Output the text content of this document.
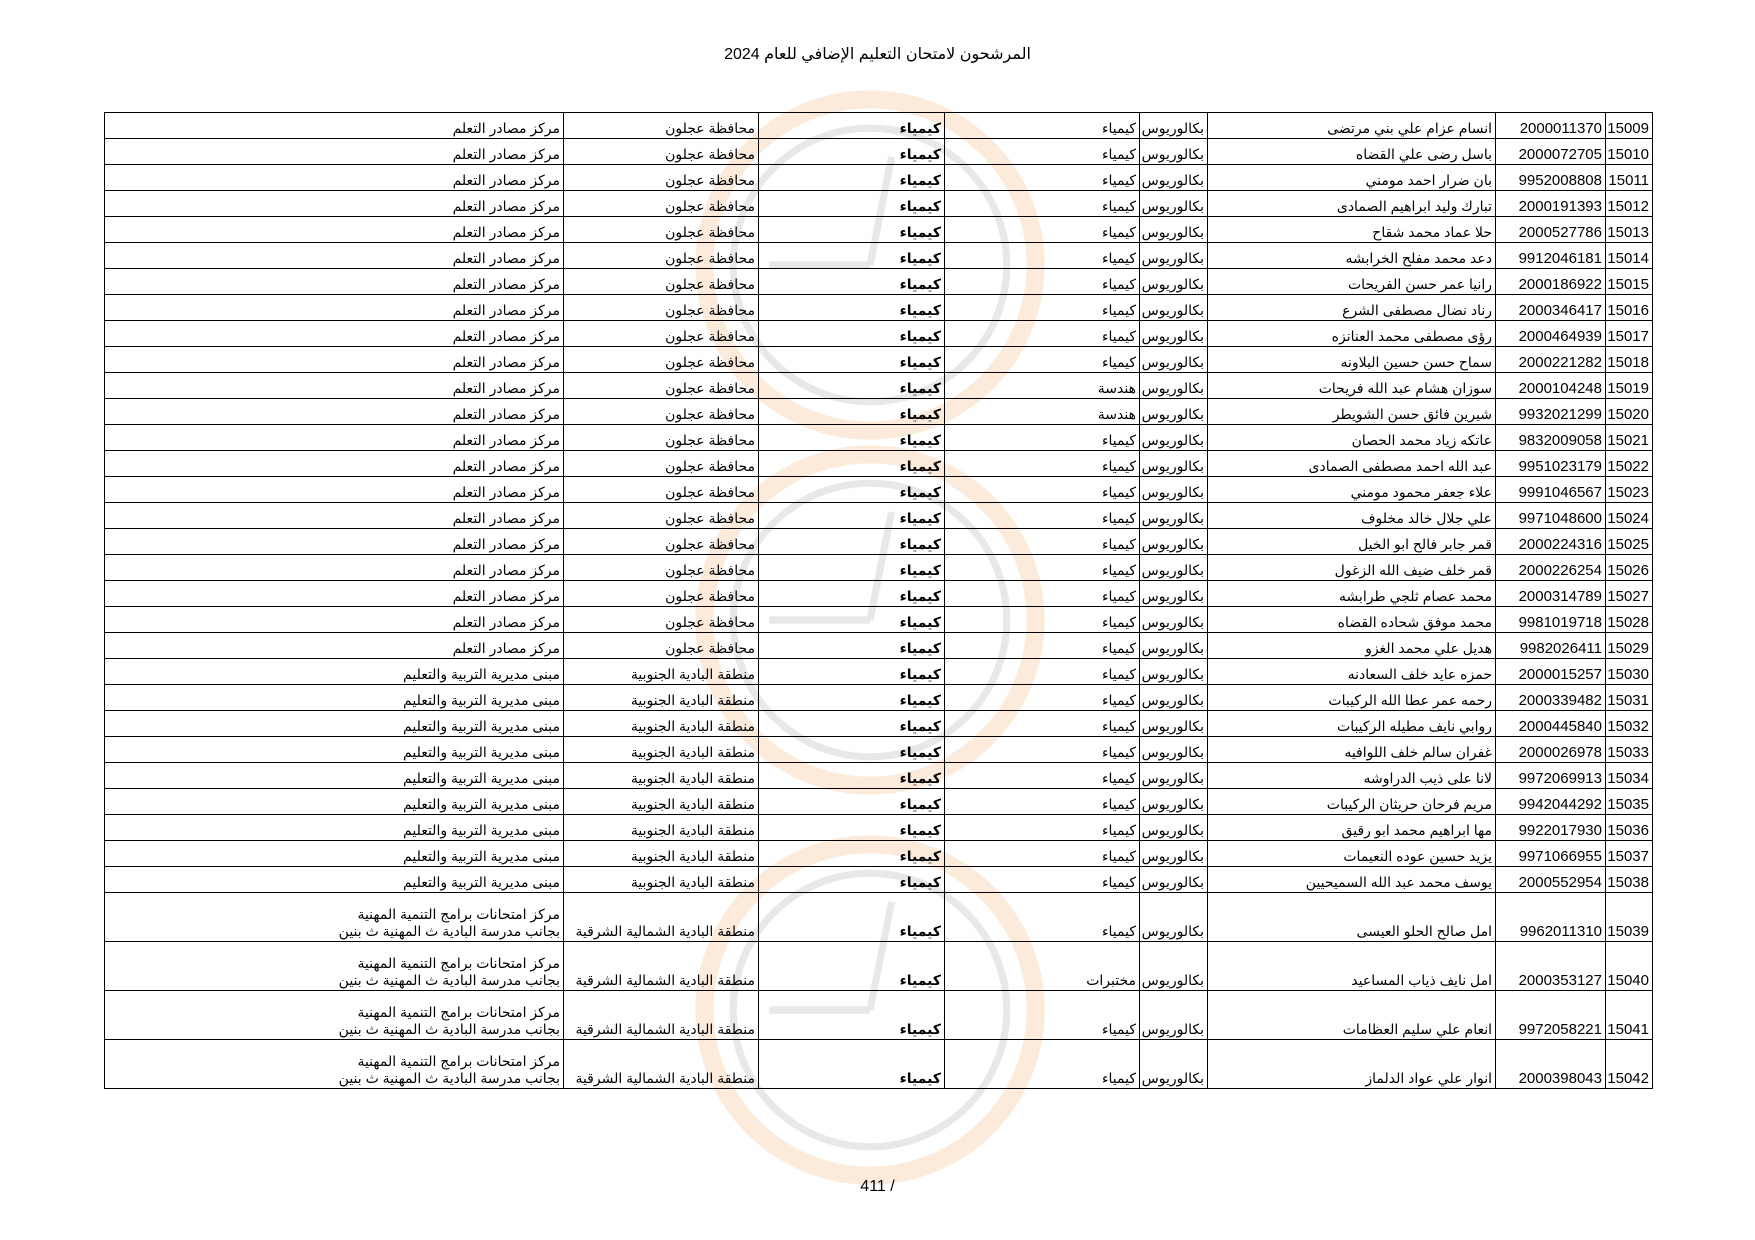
المرشحون لامتحان التعليم الإضافي للعام 2024
15009	2000011370	انسام عزام علي بني مرتضى	بكالوريوس	كيمياء	كيمياء	محافظة عجلون	مركز مصادر التعلم
15010	2000072705	باسل رضى علي القضاه	بكالوريوس	كيمياء	كيمياء	محافظة عجلون	مركز مصادر التعلم
15011	9952008808	بان ضرار احمد مومني	بكالوريوس	كيمياء	كيمياء	محافظة عجلون	مركز مصادر التعلم
15012	2000191393	تبارك وليد ابراهيم الصمادى	بكالوريوس	كيمياء	كيمياء	محافظة عجلون	مركز مصادر التعلم
15013	2000527786	حلا عماد محمد شقاح	بكالوريوس	كيمياء	كيمياء	محافظة عجلون	مركز مصادر التعلم
15014	9912046181	دعد محمد مفلح الخرابشه	بكالوريوس	كيمياء	كيمياء	محافظة عجلون	مركز مصادر التعلم
15015	2000186922	رانيا عمر حسن الفريحات	بكالوريوس	كيمياء	كيمياء	محافظة عجلون	مركز مصادر التعلم
15016	2000346417	رناد نضال مصطفى الشرع	بكالوريوس	كيمياء	كيمياء	محافظة عجلون	مركز مصادر التعلم
15017	2000464939	رؤى مصطفى محمد العنانزه	بكالوريوس	كيمياء	كيمياء	محافظة عجلون	مركز مصادر التعلم
15018	2000221282	سماح حسن حسين البلاونه	بكالوريوس	كيمياء	كيمياء	محافظة عجلون	مركز مصادر التعلم
15019	2000104248	سوزان هشام عبد الله فريحات	بكالوريوس	هندسة	كيمياء	محافظة عجلون	مركز مصادر التعلم
15020	9932021299	شيرين فائق حسن الشويطر	بكالوريوس	هندسة	كيمياء	محافظة عجلون	مركز مصادر التعلم
15021	9832009058	عاتكه زياد محمد الحصان	بكالوريوس	كيمياء	كيمياء	محافظة عجلون	مركز مصادر التعلم
15022	9951023179	عبد الله احمد مصطفى الصمادى	بكالوريوس	كيمياء	كيمياء	محافظة عجلون	مركز مصادر التعلم
15023	9991046567	علاء جعفر محمود مومني	بكالوريوس	كيمياء	كيمياء	محافظة عجلون	مركز مصادر التعلم
15024	9971048600	علي جلال خالد مخلوف	بكالوريوس	كيمياء	كيمياء	محافظة عجلون	مركز مصادر التعلم
15025	2000224316	قمر جابر فالح ابو الخيل	بكالوريوس	كيمياء	كيمياء	محافظة عجلون	مركز مصادر التعلم
15026	2000226254	قمر خلف ضيف الله الزغول	بكالوريوس	كيمياء	كيمياء	محافظة عجلون	مركز مصادر التعلم
15027	2000314789	محمد عصام ثلجي طرابشه	بكالوريوس	كيمياء	كيمياء	محافظة عجلون	مركز مصادر التعلم
15028	9981019718	محمد موفق شحاده القضاه	بكالوريوس	كيمياء	كيمياء	محافظة عجلون	مركز مصادر التعلم
15029	9982026411	هديل علي محمد الغزو	بكالوريوس	كيمياء	كيمياء	محافظة عجلون	مركز مصادر التعلم
15030	2000015257	حمزه عايد خلف السعادنه	بكالوريوس	كيمياء	كيمياء	منطقة البادية الجنوبية	مبنى مديرية التربية والتعليم
15031	2000339482	رحمه عمر عطا الله الركيبات	بكالوريوس	كيمياء	كيمياء	منطقة البادية الجنوبية	مبنى مديرية التربية والتعليم
15032	2000445840	روابي نايف مطيله الركيبات	بكالوريوس	كيمياء	كيمياء	منطقة البادية الجنوبية	مبنى مديرية التربية والتعليم
15033	2000026978	غفران سالم خلف اللوافيه	بكالوريوس	كيمياء	كيمياء	منطقة البادية الجنوبية	مبنى مديرية التربية والتعليم
15034	9972069913	لانا على ذيب الدراوشه	بكالوريوس	كيمياء	كيمياء	منطقة البادية الجنوبية	مبنى مديرية التربية والتعليم
15035	9942044292	مريم فرحان حريثان الركيبات	بكالوريوس	كيمياء	كيمياء	منطقة البادية الجنوبية	مبنى مديرية التربية والتعليم
15036	9922017930	مها ابراهيم محمد ابو رقيق	بكالوريوس	كيمياء	كيمياء	منطقة البادية الجنوبية	مبنى مديرية التربية والتعليم
15037	9971066955	يزيد حسين عوده النعيمات	بكالوريوس	كيمياء	كيمياء	منطقة البادية الجنوبية	مبنى مديرية التربية والتعليم
15038	2000552954	يوسف محمد عبد الله السميحيين	بكالوريوس	كيمياء	كيمياء	منطقة البادية الجنوبية	مبنى مديرية التربية والتعليم
15039	9962011310	امل صالح الحلو العيسى	بكالوريوس	كيمياء	كيمياء	منطقة البادية الشمالية الشرقية	مركز امتحانات برامج التنمية المهنية
بجانب مدرسة البادية ث المهنية ث بنين

15040	2000353127	امل نايف ذياب المساعيد	بكالوريوس	مختبرات	كيمياء	منطقة البادية الشمالية الشرقية	مركز امتحانات برامج التنمية المهنية
بجانب مدرسة البادية ث المهنية ث بنين

15041	9972058221	انعام علي سليم العظامات	بكالوريوس	كيمياء	كيمياء	منطقة البادية الشمالية الشرقية	مركز امتحانات برامج التنمية المهنية
بجانب مدرسة البادية ث المهنية ث بنين

15042	2000398043	انوار علي عواد الدلماز	بكالوريوس	كيمياء	كيمياء	منطقة البادية الشمالية الشرقية	مركز امتحانات برامج التنمية المهنية
بجانب مدرسة البادية ث المهنية ث بنين
411 /
